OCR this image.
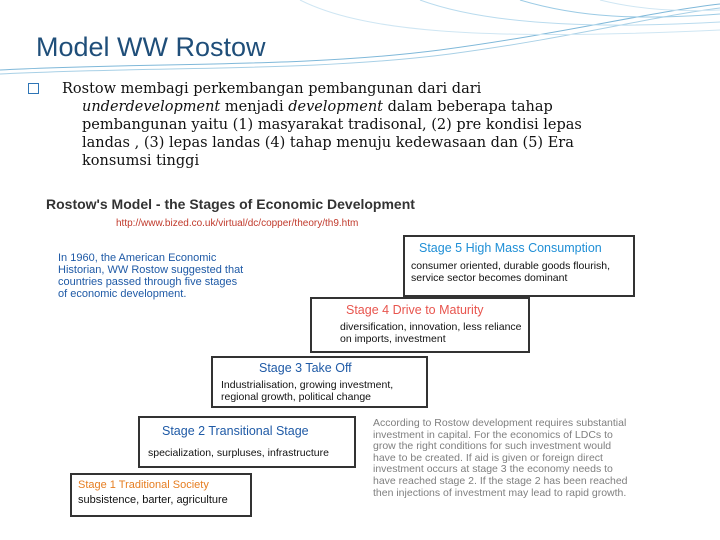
Model WW Rostow
Rostow membagi perkembangan pembangunan dari dari underdevelopment menjadi development dalam beberapa tahap pembangunan yaitu (1) masyarakat tradisonal, (2) pre kondisi lepas landas , (3) lepas landas (4) tahap menuju kedewasaan dan (5) Era konsumsi tinggi
Rostow's Model - the Stages of Economic Development
http://www.bized.co.uk/virtual/dc/copper/theory/th9.htm
In 1960, the American Economic Historian, WW Rostow suggested that countries passed through five stages of economic development.
Stage 5 High Mass Consumption
consumer oriented, durable goods flourish, service sector becomes dominant
Stage 4 Drive to Maturity
diversification, innovation, less reliance on imports, investment
Stage 3 Take Off
Industrialisation, growing investment, regional growth, political change
Stage 2 Transitional Stage
specialization, surpluses, infrastructure
Stage 1 Traditional Society
subsistence, barter, agriculture
According to Rostow development requires substantial investment in capital. For the economics of LDCs to grow the right conditions for such investment would have to be created. If aid is given or foreign direct investment occurs at stage 3 the economy needs to have reached stage 2. If the stage 2 has been reached then injections of investment may lead to rapid growth.
